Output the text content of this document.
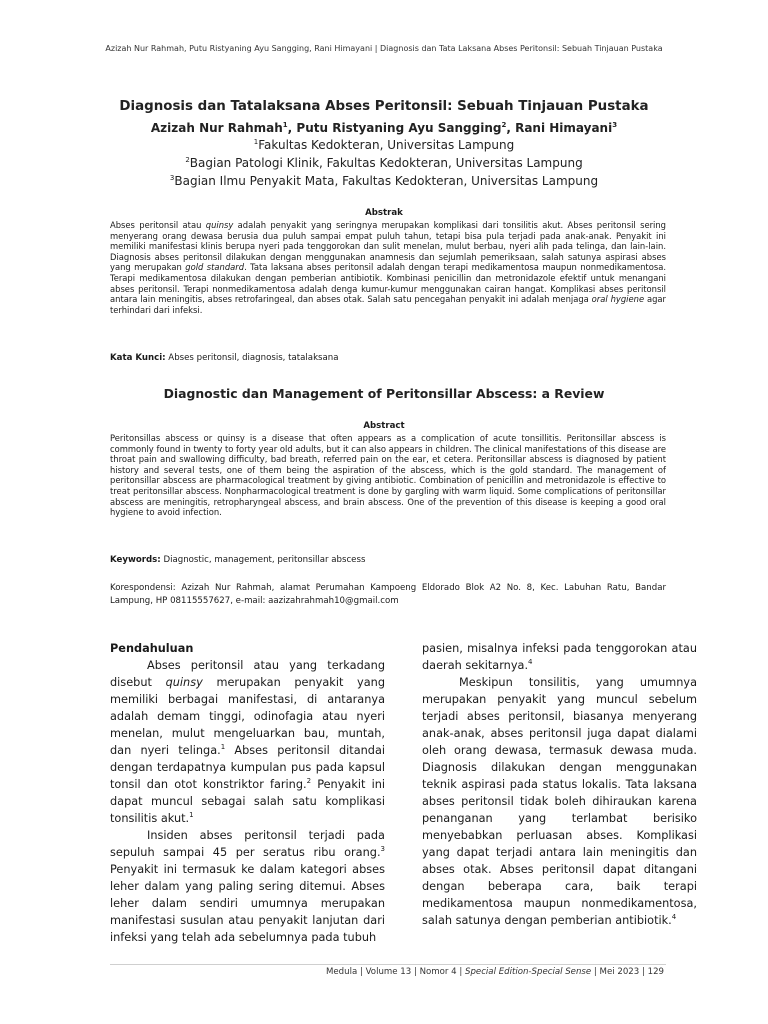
Azizah Nur Rahmah, Putu Ristyaning Ayu Sangging, Rani Himayani | Diagnosis dan Tata Laksana Abses Peritonsil: Sebuah Tinjauan Pustaka
Diagnosis dan Tatalaksana Abses Peritonsil: Sebuah Tinjauan Pustaka
Azizah Nur Rahmah$^1$, Putu Ristyaning Ayu Sangging$^2$, Rani Himayani$^3$
$^1$Fakultas Kedokteran, Universitas Lampung
$^2$Bagian Patologi Klinik, Fakultas Kedokteran, Universitas Lampung
$^3$Bagian Ilmu Penyakit Mata, Fakultas Kedokteran, Universitas Lampung
Abstrak
Abses peritonsil atau quinsy adalah penyakit yang seringnya merupakan komplikasi dari tonsilitis akut. Abses peritonsil sering menyerang orang dewasa berusia dua puluh sampai empat puluh tahun, tetapi bisa pula terjadi pada anak-anak. Penyakit ini memiliki manifestasi klinis berupa nyeri pada tenggorokan dan sulit menelan, mulut berbau, nyeri alih pada telinga, dan lain-lain. Diagnosis abses peritonsil dilakukan dengan menggunakan anamnesis dan sejumlah pemeriksaan, salah satunya aspirasi abses yang merupakan gold standard. Tata laksana abses peritonsil adalah dengan terapi medikamentosa maupun nonmedikamentosa. Terapi medikamentosa dilakukan dengan pemberian antibiotik. Kombinasi penicillin dan metronidazole efektif untuk menangani abses peritonsil. Terapi nonmedikamentosa adalah denga kumur-kumur menggunakan cairan hangat. Komplikasi abses peritonsil antara lain meningitis, abses retrofaringeal, dan abses otak. Salah satu pencegahan penyakit ini adalah menjaga oral hygiene agar terhindari dari infeksi.
Kata Kunci: Abses peritonsil, diagnosis, tatalaksana
Diagnostic dan Management of Peritonsillar Abscess: a Review
Abstract
Peritonsillas abscess or quinsy is a disease that often appears as a complication of acute tonsillitis. Peritonsillar abscess is commonly found in twenty to forty year old adults, but it can also appears in children. The clinical manifestations of this disease are throat pain and swallowing difficulty, bad breath, referred pain on the ear, et cetera. Peritonsillar abscess is diagnosed by patient history and several tests, one of them being the aspiration of the abscess, which is the gold standard. The management of peritonsillar abscess are pharmacological treatment by giving antibiotic. Combination of penicillin and metronidazole is effective to treat peritonsillar abscess. Nonpharmacological treatment is done by gargling with warm liquid. Some complications of peritonsillar abscess are meningitis, retropharyngeal abscess, and brain abscess. One of the prevention of this disease is keeping a good oral hygiene to avoid infection.
Keywords: Diagnostic, management, peritonsillar abscess
Korespondensi: Azizah Nur Rahmah, alamat Perumahan Kampoeng Eldorado Blok A2 No. 8, Kec. Labuhan Ratu, Bandar Lampung, HP 08115557627, e-mail: aazizahrahmah10@gmail.com

Pendahuluan

Abses peritonsil atau yang terkadang disebut quinsy merupakan penyakit yang memiliki berbagai manifestasi, di antaranya adalah demam tinggi, odinofagia atau nyeri menelan, mulut mengeluarkan bau, muntah, dan nyeri telinga.$^1$ Abses peritonsil ditandai dengan terdapatnya kumpulan pus pada kapsul tonsil dan otot konstriktor faring.$^2$ Penyakit ini dapat muncul sebagai salah satu komplikasi tonsilitis akut.$^1$

Insiden abses peritonsil terjadi pada sepuluh sampai 45 per seratus ribu orang.$^3$ Penyakit ini termasuk ke dalam kategori abses leher dalam yang paling sering ditemui. Abses leher dalam sendiri umumnya merupakan manifestasi susulan atau penyakit lanjutan dari infeksi yang telah ada sebelumnya pada tubuh

pasien, misalnya infeksi pada tenggorokan atau daerah sekitarnya.$^4$

Meskipun tonsilitis, yang umumnya merupakan penyakit yang muncul sebelum terjadi abses peritonsil, biasanya menyerang anak-anak, abses peritonsil juga dapat dialami oleh orang dewasa, termasuk dewasa muda. Diagnosis dilakukan dengan menggunakan teknik aspirasi pada status lokalis. Tata laksana abses peritonsil tidak boleh dihiraukan karena penanganan yang terlambat berisiko menyebabkan perluasan abses. Komplikasi yang dapat terjadi antara lain meningitis dan abses otak. Abses peritonsil dapat ditangani dengan beberapa cara, baik terapi medikamentosa maupun nonmedikamentosa, salah satunya dengan pemberian antibiotik.$^4$

Medula | Volume 13 | Nomor 4 | Special Edition-Special Sense | Mei 2023 | 129
